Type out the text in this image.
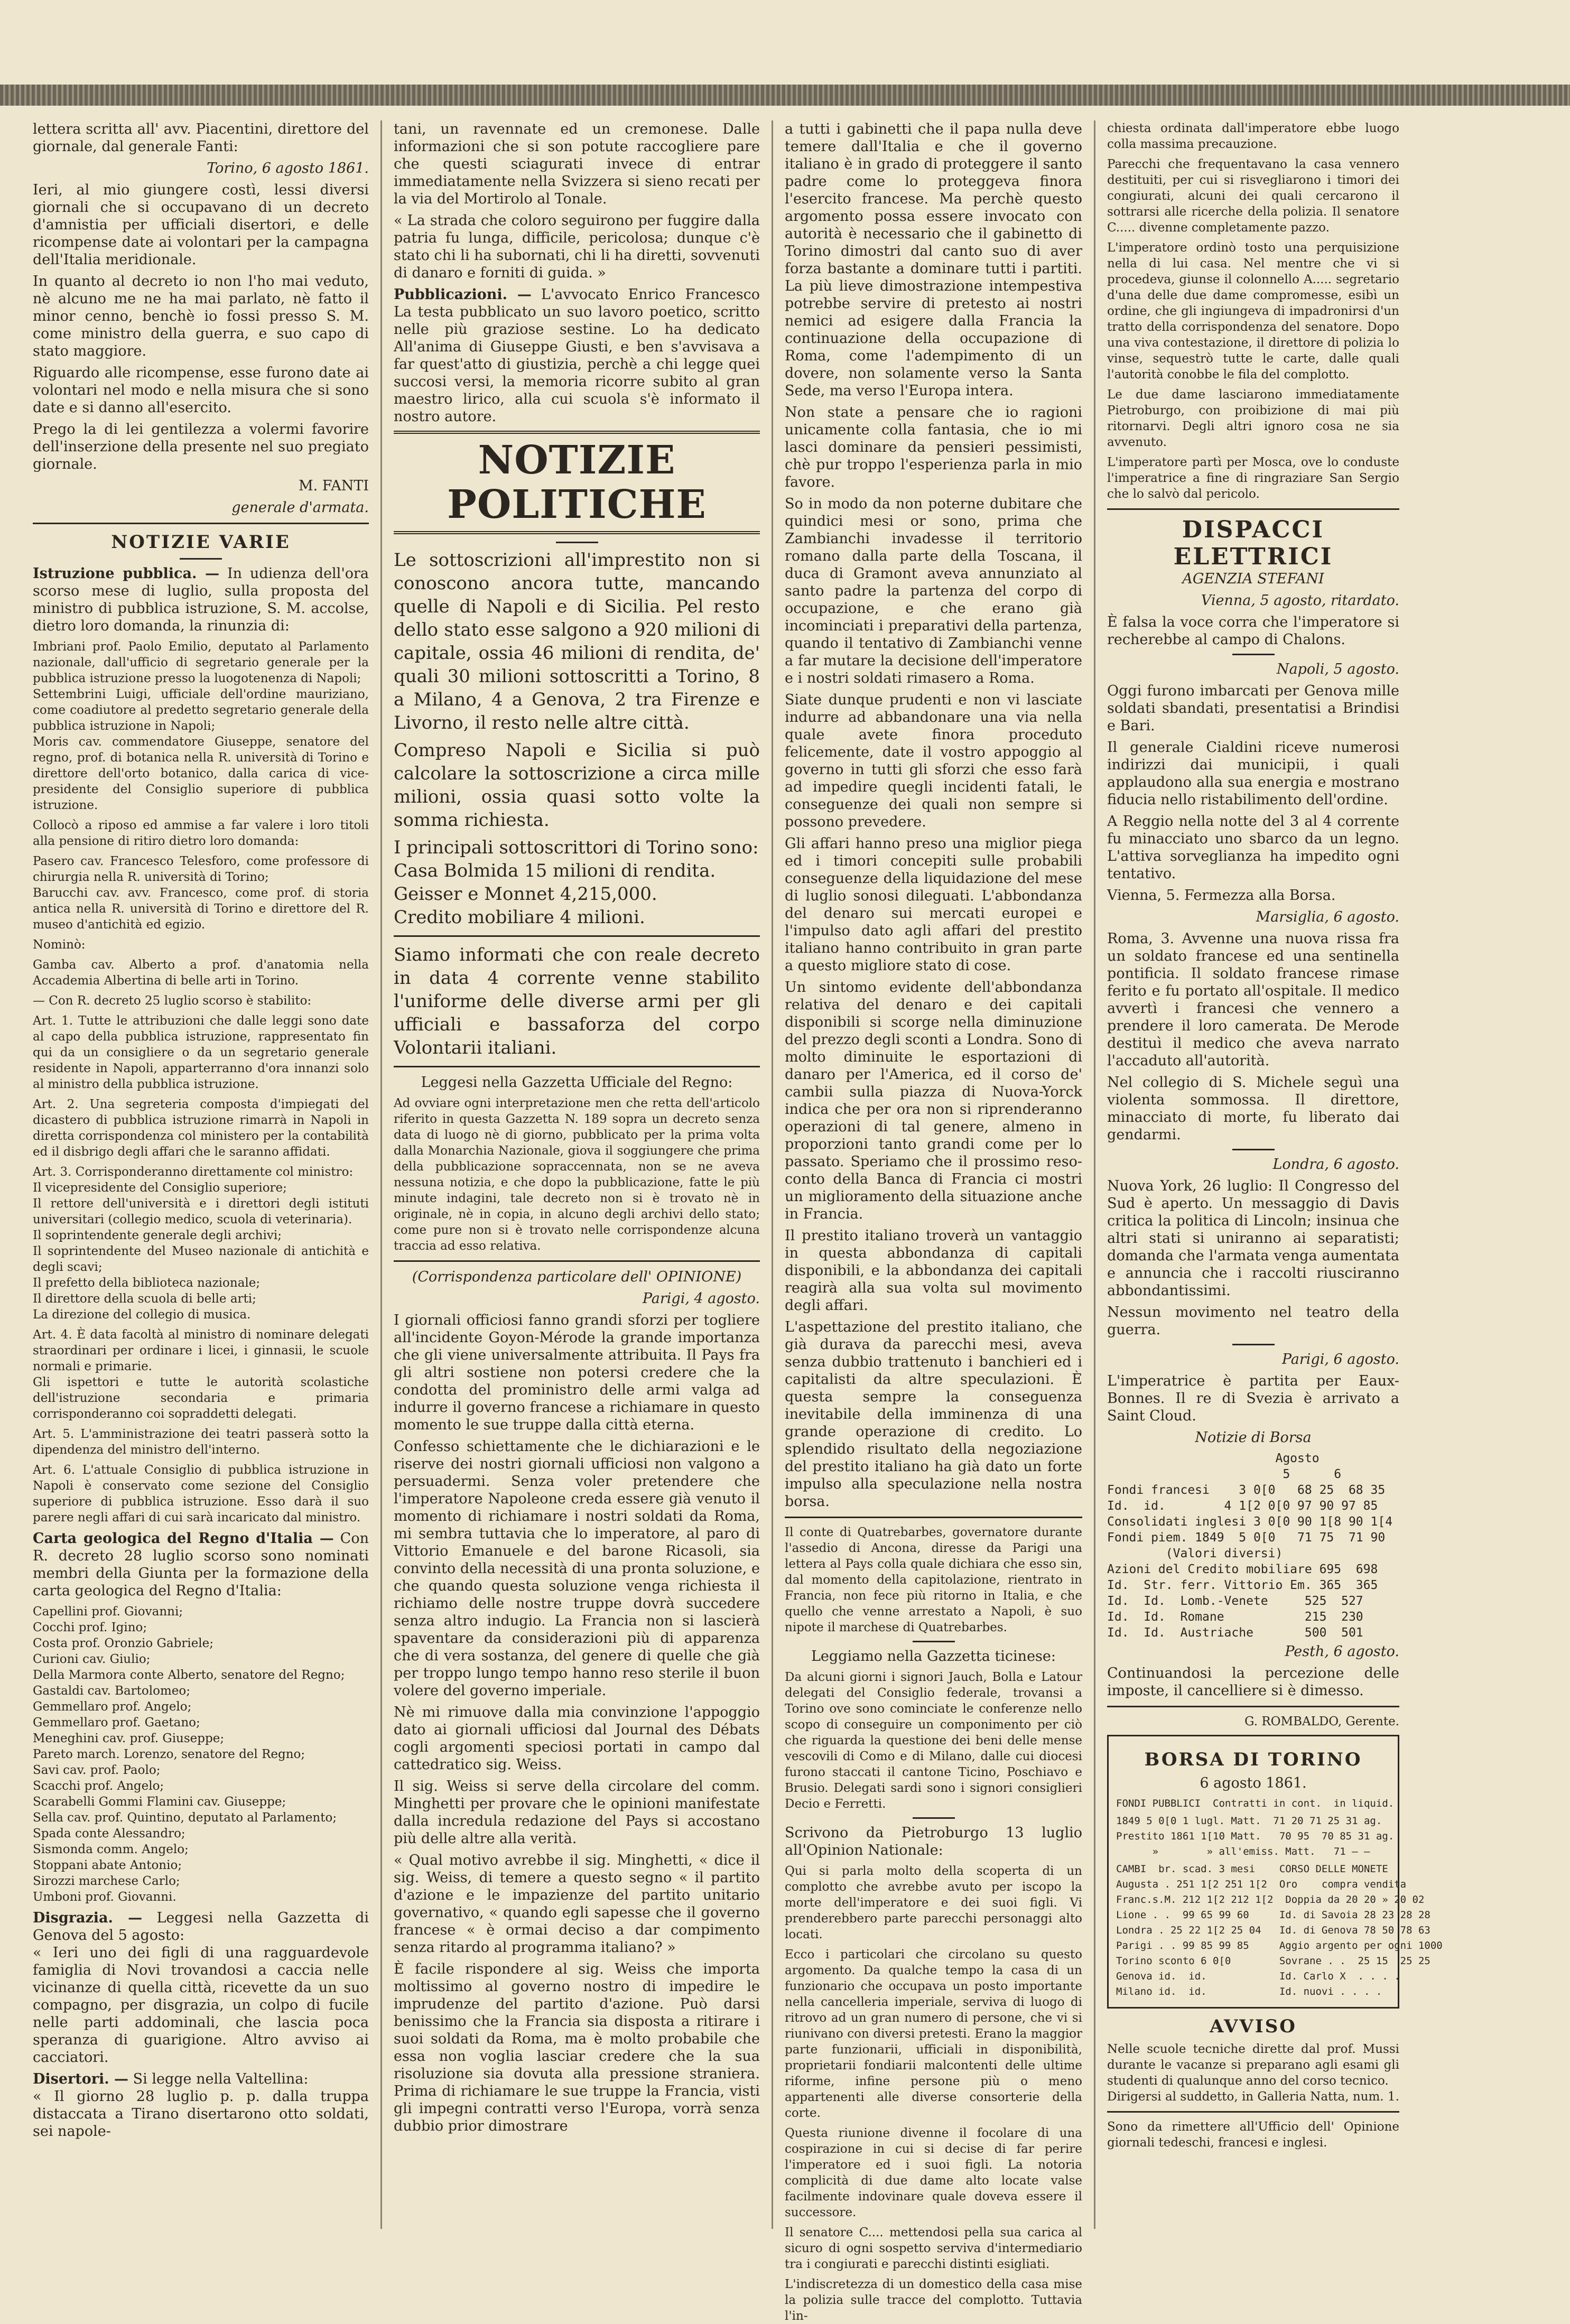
lettera scritta all' avv. Piacentini, direttore del giornale, dal generale Fanti:

Torino, 6 agosto 1861.

Ieri, al mio giungere costì, lessi diversi giornali che si occupavano di un decreto d'amnistia per ufficiali disertori, e delle ricompense date ai volontari per la campagna dell'Italia meridionale.

In quanto al decreto io non l'ho mai veduto, nè alcuno me ne ha mai parlato, nè fatto il minor cenno, benchè io fossi presso S. M. come ministro della guerra, e suo capo di stato maggiore.

Riguardo alle ricompense, esse furono date ai volontari nel modo e nella misura che si sono date e si danno all'esercito.

Prego la di lei gentilezza a volermi favorire dell'inserzione della presente nel suo pregiato giornale.

M. FANTI

generale d'armata.

NOTIZIE VARIE

Istruzione pubblica. — In udienza dell'ora scorso mese di luglio, sulla proposta del ministro di pubblica istruzione, S. M. accolse, dietro loro domanda, la rinunzia di:

Imbriani prof. Paolo Emilio, deputato al Parlamento nazionale, dall'ufficio di segretario generale per la pubblica istruzione presso la luogotenenza di Napoli;
Settembrini Luigi, ufficiale dell'ordine mauriziano, come coadiutore al predetto segretario generale della pubblica istruzione in Napoli;
Moris cav. commendatore Giuseppe, senatore del regno, prof. di botanica nella R. università di Torino e direttore dell'orto botanico, dalla carica di vice-presidente del Consiglio superiore di pubblica istruzione.

Collocò a riposo ed ammise a far valere i loro titoli alla pensione di ritiro dietro loro domanda:

Pasero cav. Francesco Telesforo, come professore di chirurgia nella R. università di Torino;
Barucchi cav. avv. Francesco, come prof. di storia antica nella R. università di Torino e direttore del R. museo d'antichità ed egizio.

Nominò:

Gamba cav. Alberto a prof. d'anatomia nella Accademia Albertina di belle arti in Torino.

— Con R. decreto 25 luglio scorso è stabilito:

Art. 1. Tutte le attribuzioni che dalle leggi sono date al capo della pubblica istruzione, rappresentato fin qui da un consigliere o da un segretario generale residente in Napoli, apparterranno d'ora innanzi solo al ministro della pubblica istruzione.

Art. 2. Una segreteria composta d'impiegati del dicastero di pubblica istruzione rimarrà in Napoli in diretta corrispondenza col ministero per la contabilità ed il disbrigo degli affari che le saranno affidati.

Art. 3. Corrisponderanno direttamente col ministro:
Il vicepresidente del Consiglio superiore;
Il rettore dell'università e i direttori degli istituti universitari (collegio medico, scuola di veterinaria).
Il soprintendente generale degli archivi;
Il soprintendente del Museo nazionale di antichità e degli scavi;
Il prefetto della biblioteca nazionale;
Il direttore della scuola di belle arti;
La direzione del collegio di musica.

Art. 4. È data facoltà al ministro di nominare delegati straordinari per ordinare i licei, i ginnasii, le scuole normali e primarie.
Gli ispettori e tutte le autorità scolastiche dell'istruzione secondaria e primaria corrisponderanno coi sopraddetti delegati.

Art. 5. L'amministrazione dei teatri passerà sotto la dipendenza del ministro dell'interno.

Art. 6. L'attuale Consiglio di pubblica istruzione in Napoli è conservato come sezione del Consiglio superiore di pubblica istruzione. Esso darà il suo parere negli affari di cui sarà incaricato dal ministro.

Carta geologica del Regno d'Italia — Con R. decreto 28 luglio scorso sono nominati membri della Giunta per la formazione della carta geologica del Regno d'Italia:

Capellini prof. Giovanni;
Cocchi prof. Igino;
Costa prof. Oronzio Gabriele;
Curioni cav. Giulio;
Della Marmora conte Alberto, senatore del Regno;
Gastaldi cav. Bartolomeo;
Gemmellaro prof. Angelo;
Gemmellaro prof. Gaetano;
Meneghini cav. prof. Giuseppe;
Pareto march. Lorenzo, senatore del Regno;
Savi cav. prof. Paolo;
Scacchi prof. Angelo;
Scarabelli Gommi Flamini cav. Giuseppe;
Sella cav. prof. Quintino, deputato al Parlamento;
Spada conte Alessandro;
Sismonda comm. Angelo;
Stoppani abate Antonio;
Sirozzi marchese Carlo;
Umboni prof. Giovanni.

Disgrazia. — Leggesi nella Gazzetta di Genova del 5 agosto:
« Ieri uno dei figli di una ragguardevole famiglia di Novi trovandosi a caccia nelle vicinanze di quella città, ricevette da un suo compagno, per disgrazia, un colpo di fucile nelle parti addominali, che lascia poca speranza di guarigione. Altro avviso ai cacciatori.

Disertori. — Si legge nella Valtellina:
« Il giorno 28 luglio p. p. dalla truppa distaccata a Tirano disertarono otto soldati, sei napole-

tani, un ravennate ed un cremonese. Dalle informazioni che si son potute raccogliere pare che questi sciagurati invece di entrar immediatamente nella Svizzera si sieno recati per la via del Mortirolo al Tonale.

« La strada che coloro seguirono per fuggire dalla patria fu lunga, difficile, pericolosa; dunque c'è stato chi li ha subornati, chi li ha diretti, sovvenuti di danaro e forniti di guida. »

Pubblicazioni. — L'avvocato Enrico Francesco La testa pubblicato un suo lavoro poetico, scritto nelle più graziose sestine. Lo ha dedicato All'anima di Giuseppe Giusti, e ben s'avvisava a far quest'atto di giustizia, perchè a chi legge quei succosi versi, la memoria ricorre subito al gran maestro lirico, alla cui scuola s'è informato il nostro autore.

NOTIZIE POLITICHE

Le sottoscrizioni all'imprestito non si conoscono ancora tutte, mancando quelle di Napoli e di Sicilia. Pel resto dello stato esse salgono a 920 milioni di capitale, ossia 46 milioni di rendita, de' quali 30 milioni sottoscritti a Torino, 8 a Milano, 4 a Genova, 2 tra Firenze e Livorno, il resto nelle altre città.

Compreso Napoli e Sicilia si può calcolare la sottoscrizione a circa mille milioni, ossia quasi sotto volte la somma richiesta.

I principali sottoscrittori di Torino sono:
Casa Bolmida 15 milioni di rendita.
Geisser e Monnet 4,215,000.
Credito mobiliare 4 milioni.

Siamo informati che con reale decreto in data 4 corrente venne stabilito l'uniforme delle diverse armi per gli ufficiali e bassaforza del corpo Volontarii italiani.

Leggesi nella Gazzetta Ufficiale del Regno:

Ad ovviare ogni interpretazione men che retta dell'articolo riferito in questa Gazzetta N. 189 sopra un decreto senza data di luogo nè di giorno, pubblicato per la prima volta dalla Monarchia Nazionale, giova il soggiungere che prima della pubblicazione sopraccennata, non se ne aveva nessuna notizia, e che dopo la pubblicazione, fatte le più minute indagini, tale decreto non si è trovato nè in originale, nè in copia, in alcuno degli archivi dello stato; come pure non si è trovato nelle corrispondenze alcuna traccia ad esso relativa.

(Corrispondenza particolare dell' OPINIONE)

Parigi, 4 agosto.

I giornali officiosi fanno grandi sforzi per togliere all'incidente Goyon-Mérode la grande importanza che gli viene universalmente attribuita. Il Pays fra gli altri sostiene non potersi credere che la condotta del proministro delle armi valga ad indurre il governo francese a richiamare in questo momento le sue truppe dalla città eterna.

Confesso schiettamente che le dichiarazioni e le riserve dei nostri giornali ufficiosi non valgono a persuadermi. Senza voler pretendere che l'imperatore Napoleone creda essere già venuto il momento di richiamare i nostri soldati da Roma, mi sembra tuttavia che lo imperatore, al paro di Vittorio Emanuele e del barone Ricasoli, sia convinto della necessità di una pronta soluzione, e che quando questa soluzione venga richiesta il richiamo delle nostre truppe dovrà succedere senza altro indugio. La Francia non si lascierà spaventare da considerazioni più di apparenza che di vera sostanza, del genere di quelle che già per troppo lungo tempo hanno reso sterile il buon volere del governo imperiale.

Nè mi rimuove dalla mia convinzione l'appoggio dato ai giornali ufficiosi dal Journal des Débats cogli argomenti speciosi portati in campo dal cattedratico sig. Weiss.

Il sig. Weiss si serve della circolare del comm. Minghetti per provare che le opinioni manifestate dalla incredula redazione del Pays si accostano più delle altre alla verità.

« Qual motivo avrebbe il sig. Minghetti, « dice il sig. Weiss, di temere a questo segno « il partito d'azione e le impazienze del partito unitario governativo, « quando egli sapesse che il governo francese « è ormai deciso a dar compimento senza ritardo al programma italiano? »

È facile rispondere al sig. Weiss che importa moltissimo al governo nostro di impedire le imprudenze del partito d'azione. Può darsi benissimo che la Francia sia disposta a ritirare i suoi soldati da Roma, ma è molto probabile che essa non voglia lasciar credere che la sua risoluzione sia dovuta alla pressione straniera. Prima di richiamare le sue truppe la Francia, visti gli impegni contratti verso l'Europa, vorrà senza dubbio prior dimostrare

a tutti i gabinetti che il papa nulla deve temere dall'Italia e che il governo italiano è in grado di proteggere il santo padre come lo proteggeva finora l'esercito francese. Ma perchè questo argomento possa essere invocato con autorità è necessario che il gabinetto di Torino dimostri dal canto suo di aver forza bastante a dominare tutti i partiti. La più lieve dimostrazione intempestiva potrebbe servire di pretesto ai nostri nemici ad esigere dalla Francia la continuazione della occupazione di Roma, come l'adempimento di un dovere, non solamente verso la Santa Sede, ma verso l'Europa intera.

Non state a pensare che io ragioni unicamente colla fantasia, che io mi lasci dominare da pensieri pessimisti, chè pur troppo l'esperienza parla in mio favore.

So in modo da non poterne dubitare che quindici mesi or sono, prima che Zambianchi invadesse il territorio romano dalla parte della Toscana, il duca di Gramont aveva annunziato al santo padre la partenza del corpo di occupazione, e che erano già incominciati i preparativi della partenza, quando il tentativo di Zambianchi venne a far mutare la decisione dell'imperatore e i nostri soldati rimasero a Roma.

Siate dunque prudenti e non vi lasciate indurre ad abbandonare una via nella quale avete finora proceduto felicemente, date il vostro appoggio al governo in tutti gli sforzi che esso farà ad impedire quegli incidenti fatali, le conseguenze dei quali non sempre si possono prevedere.

Gli affari hanno preso una miglior piega ed i timori concepiti sulle probabili conseguenze della liquidazione del mese di luglio sonosi dileguati. L'abbondanza del denaro sui mercati europei e l'impulso dato agli affari del prestito italiano hanno contribuito in gran parte a questo migliore stato di cose.

Un sintomo evidente dell'abbondanza relativa del denaro e dei capitali disponibili si scorge nella diminuzione del prezzo degli sconti a Londra. Sono di molto diminuite le esportazioni di danaro per l'America, ed il corso de' cambii sulla piazza di Nuova-Yorck indica che per ora non si riprenderanno operazioni di tal genere, almeno in proporzioni tanto grandi come per lo passato. Speriamo che il prossimo reso-conto della Banca di Francia ci mostri un miglioramento della situazione anche in Francia.

Il prestito italiano troverà un vantaggio in questa abbondanza di capitali disponibili, e la abbondanza dei capitali reagirà alla sua volta sul movimento degli affari.

L'aspettazione del prestito italiano, che già durava da parecchi mesi, aveva senza dubbio trattenuto i banchieri ed i capitalisti da altre speculazioni. È questa sempre la conseguenza inevitabile della imminenza di una grande operazione di credito. Lo splendido risultato della negoziazione del prestito italiano ha già dato un forte impulso alla speculazione nella nostra borsa.

Il conte di Quatrebarbes, governatore durante l'assedio di Ancona, diresse da Parigi una lettera al Pays colla quale dichiara che esso sin, dal momento della capitolazione, rientrato in Francia, non fece più ritorno in Italia, e che quello che venne arrestato a Napoli, è suo nipote il marchese di Quatrebarbes.

Leggiamo nella Gazzetta ticinese:

Da alcuni giorni i signori Jauch, Bolla e Latour delegati del Consiglio federale, trovansi a Torino ove sono cominciate le conferenze nello scopo di conseguire un componimento per ciò che riguarda la questione dei beni delle mense vescovili di Como e di Milano, dalle cui diocesi furono staccati il cantone Ticino, Poschiavo e Brusio. Delegati sardi sono i signori consiglieri Decio e Ferretti.

Scrivono da Pietroburgo 13 luglio all'Opinion Nationale:

Qui si parla molto della scoperta di un complotto che avrebbe avuto per iscopo la morte dell'imperatore e dei suoi figli. Vi prenderebbero parte parecchi personaggi alto locati.

Ecco i particolari che circolano su questo argomento. Da qualche tempo la casa di un funzionario che occupava un posto importante nella cancelleria imperiale, serviva di luogo di ritrovo ad un gran numero di persone, che vi si riunivano con diversi pretesti. Erano la maggior parte funzionarii, ufficiali in disponibilità, proprietarii fondiarii malcontenti delle ultime riforme, infine persone più o meno appartenenti alle diverse consorterie della corte.

Questa riunione divenne il focolare di una cospirazione in cui si decise di far perire l'imperatore ed i suoi figli. La notoria complicità di due dame alto locate valse facilmente indovinare quale doveva essere il successore.

Il senatore C.... mettendosi pella sua carica al sicuro di ogni sospetto serviva d'intermediario tra i congiurati e parecchi distinti esigliati.

L'indiscretezza di un domestico della casa mise la polizia sulle tracce del complotto. Tuttavia l'in-

chiesta ordinata dall'imperatore ebbe luogo colla massima precauzione.

Parecchi che frequentavano la casa vennero destituiti, per cui si risvegliarono i timori dei congiurati, alcuni dei quali cercarono il sottrarsi alle ricerche della polizia. Il senatore C..... divenne completamente pazzo.

L'imperatore ordinò tosto una perquisizione nella di lui casa. Nel mentre che vi si procedeva, giunse il colonnello A..... segretario d'una delle due dame compromesse, esibì un ordine, che gli ingiungeva di impadronirsi d'un tratto della corrispondenza del senatore. Dopo una viva contestazione, il direttore di polizia lo vinse, sequestrò tutte le carte, dalle quali l'autorità conobbe le fila del complotto.

Le due dame lasciarono immediatamente Pietroburgo, con proibizione di mai più ritornarvi. Degli altri ignoro cosa ne sia avvenuto.

L'imperatore partì per Mosca, ove lo conduste l'imperatrice a fine di ringraziare San Sergio che lo salvò dal pericolo.

DISPACCI ELETTRICI

AGENZIA STEFANI

Vienna, 5 agosto, ritardato.

È falsa la voce corra che l'imperatore si recherebbe al campo di Chalons.

Napoli, 5 agosto.

Oggi furono imbarcati per Genova mille soldati sbandati, presentatisi a Brindisi e Bari.

Il generale Cialdini riceve numerosi indirizzi dai municipii, i quali applaudono alla sua energia e mostrano fiducia nello ristabilimento dell'ordine.

A Reggio nella notte del 3 al 4 corrente fu minacciato uno sbarco da un legno. L'attiva sorveglianza ha impedito ogni tentativo.

Vienna, 5. Fermezza alla Borsa.

Marsiglia, 6 agosto.

Roma, 3. Avvenne una nuova rissa fra un soldato francese ed una sentinella pontificia. Il soldato francese rimase ferito e fu portato all'ospitale. Il medico avvertì i francesi che vennero a prendere il loro camerata. De Merode destituì il medico che aveva narrato l'accaduto all'autorità.

Nel collegio di S. Michele seguì una violenta sommossa. Il direttore, minacciato di morte, fu liberato dai gendarmi.

Londra, 6 agosto.

Nuova York, 26 luglio: Il Congresso del Sud è aperto. Un messaggio di Davis critica la politica di Lincoln; insinua che altri stati si uniranno ai separatisti; domanda che l'armata venga aumentata e annuncia che i raccolti riusciranno abbondantissimi.

Nessun movimento nel teatro della guerra.

Parigi, 6 agosto.

L'imperatrice è partita per Eaux-Bonnes. Il re di Svezia è arrivato a Saint Cloud.

Notizie di Borsa

Agosto
5      6
Fondi francesi    3 0[0   68 25  68 35
Id.  id.        4 1[2 0[0 97 90 97 85
Consolidati inglesi 3 0[0 90 1[8 90 1[4
Fondi piem. 1849  5 0[0   71 75  71 90
(Valori diversi)
Azioni del Credito mobiliare 695  698
Id.  Str. ferr. Vittorio Em. 365  365
Id.  Id.  Lomb.-Venete     525  527
Id.  Id.  Romane           215  230
Id.  Id.  Austriache       500  501

Pesth, 6 agosto.

Continuandosi la percezione delle imposte, il cancelliere si è dimesso.

G. ROMBALDO, Gerente.

BORSA DI TORINO

6 agosto 1861.

FONDI PUBBLICI  Contratti in cont.  in liquid.
1849 5 0[0 1 lugl. Matt.  71 20 71 25 31 ag.
Prestito 1861 1[10 Matt.   70 95  70 85 31 ag.
»        » all'emiss. Matt.   71 — —
CAMBI  br. scad. 3 mesi    CORSO DELLE MONETE
Augusta . 251 1[2 251 1[2  Oro    compra vendita
Franc.s.M. 212 1[2 212 1[2  Doppia da 20 20 » 20 02
Lione . .  99 65 99 60     Id. di Savoia 28 23 28 28
Londra . 25 22 1[2 25 04   Id. di Genova 78 50 78 63
Parigi . . 99 85 99 85     Aggio argento per ogni 1000
Torino sconto 6 0[0        Sovrane . .  25 15  25 25
Genova id.  id.            Id. Carlo X  . . . .
Milano id.  id.            Id. nuovi . . . .
AVVISO

Nelle scuole tecniche dirette dal prof. Mussi durante le vacanze si preparano agli esami gli studenti di qualunque anno del corso tecnico.
Dirigersi al suddetto, in Galleria Natta, num. 1.

Sono da rimettere all'Ufficio dell' Opinione giornali tedeschi, francesi e inglesi.
